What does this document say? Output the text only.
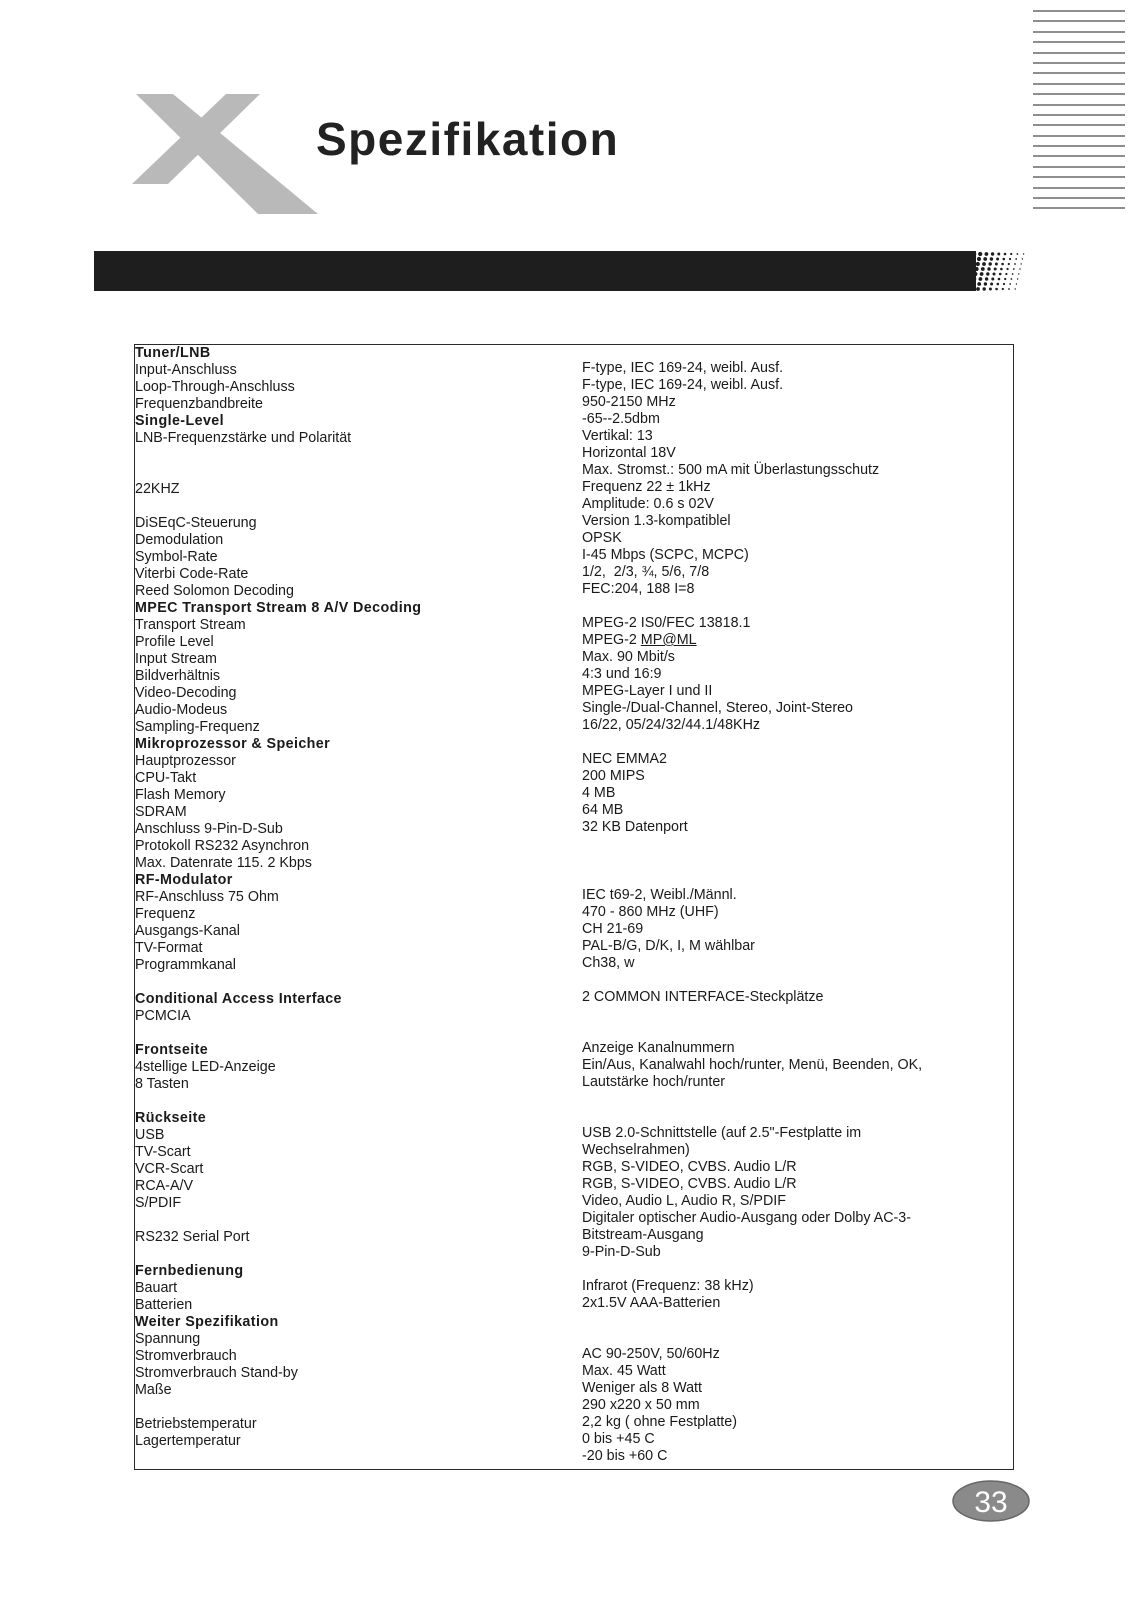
Spezifikation
Tuner/LNB
Input-Anschluss
Loop-Through-Anschluss
Frequenzbandbreite
Single-Level
LNB-Frequenzstärke und Polarität
22KHZ
DiSEqC-Steuerung
Demodulation
Symbol-Rate
Viterbi Code-Rate
Reed Solomon Decoding
MPEC Transport Stream 8 A/V Decoding
Transport Stream
Profile Level
Input Stream
Bildverhältnis
Video-Decoding
Audio-Modeus
Sampling-Frequenz
Mikroprozessor & Speicher
Hauptprozessor
CPU-Takt
Flash Memory
SDRAM
Anschluss 9-Pin-D-Sub
Protokoll RS232 Asynchron
Max. Datenrate 115. 2 Kbps
RF-Modulator
RF-Anschluss 75 Ohm
Frequenz
Ausgangs-Kanal
TV-Format
Programmkanal
Conditional Access Interface
PCMCIA
Frontseite
4stellige LED-Anzeige
8 Tasten
Rückseite
USB
TV-Scart
VCR-Scart
RCA-A/V
S/PDIF
RS232 Serial Port
Fernbedienung
Bauart
Batterien
Weiter Spezifikation
Spannung
Stromverbrauch
Stromverbrauch Stand-by
Maße
Betriebstemperatur
Lagertemperatur
F-type, IEC 169-24, weibl. Ausf.
F-type, IEC 169-24, weibl. Ausf.
950-2150 MHz
-65--2.5dbm
Vertikal: 13
Horizontal 18V
Max. Stromst.: 500 mA mit Überlastungsschutz
Frequenz 22 ± 1kHz
Amplitude: 0.6 s 02V
Version 1.3-kompatiblel
OPSK
I-45 Mbps (SCPC, MCPC)
1/2,  2/3, ¾, 5/6, 7/8
FEC:204, 188 I=8
MPEG-2 IS0/FEC 13818.1
MPEG-2 MP@ML
Max. 90 Mbit/s
4:3 und 16:9
MPEG-Layer I und II
Single-/Dual-Channel, Stereo, Joint-Stereo
16/22, 05/24/32/44.1/48KHz
NEC EMMA2
200 MIPS
4 MB
64 MB
32 KB Datenport
IEC t69-2, Weibl./Männl.
470 - 860 MHz (UHF)
CH 21-69
PAL-B/G, D/K, I, M wählbar
Ch38, w
2 COMMON INTERFACE-Steckplätze
Anzeige Kanalnummern
Ein/Aus, Kanalwahl hoch/runter, Menü, Beenden, OK,
Lautstärke hoch/runter
USB 2.0-Schnittstelle (auf 2.5"-Festplatte im
Wechselrahmen)
RGB, S-VIDEO, CVBS. Audio L/R
RGB, S-VIDEO, CVBS. Audio L/R
Video, Audio L, Audio R, S/PDIF
Digitaler optischer Audio-Ausgang oder Dolby AC-3-
Bitstream-Ausgang
9-Pin-D-Sub
Infrarot (Frequenz: 38 kHz)
2x1.5V AAA-Batterien
AC 90-250V, 50/60Hz
Max. 45 Watt
Weniger als 8 Watt
290 x220 x 50 mm
2,2 kg ( ohne Festplatte)
0 bis +45 C
-20 bis +60 C
33
